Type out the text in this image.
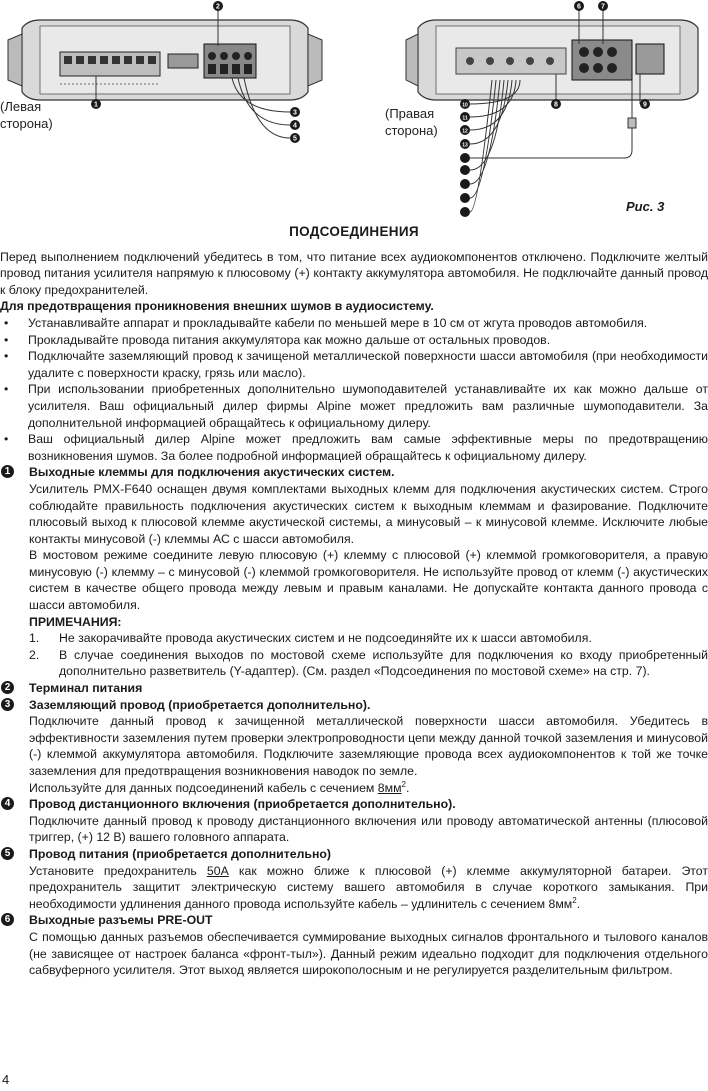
2
1
3
4
5
6	7
8	9
10
11
12
13
(Левая
сторона)
(Правая
сторона)
Рис. 3
ПОДСОЕДИНЕНИЯ

Перед выполнением подключений убедитесь в том, что питание всех аудиокомпонентов отключено. Подключите желтый провод питания усилителя напрямую к плюсовому (+) контакту аккумулятора автомобиля. Не подключайте данный провод к блоку предохранителей.

Для предотвращения проникновения внешних шумов в аудиосистему.

• Устанавливайте аппарат и прокладывайте кабели по меньшей мере в 10 см от жгута проводов автомобиля.
• Прокладывайте провода питания аккумулятора как можно дальше от остальных проводов.
• Подключайте заземляющий провод к зачищеной металлической поверхности шасси автомобиля (при необходимости удалите с поверхности краску, грязь или масло).
• При использовании приобретенных дополнительно шумоподавителей устанавливайте их как можно дальше от усилителя. Ваш официальный дилер фирмы Alpine может предложить вам различные шумоподавители. За дополнительной информацией обращайтесь к официальному дилеру.
• Ваш официальный дилер Alpine может предложить вам самые эффективные меры по предотвращению возникновения шумов. За более подробной информацией обращайтесь к официальному дилеру.
1	Выходные клеммы для подключения акустических систем.

Усилитель PMX-F640 оснащен двумя комплектами выходных клемм для подключения акустических систем. Строго соблюдайте правильность подключения акустических систем к выходным клеммам и фазирование. Подключите плюсовый выход к плюсовой клемме акустической системы, а минусовый – к минусовой клемме. Исключите любые контакты минусовой (-) клеммы АС с шасси автомобиля.

В мостовом режиме соедините левую плюсовую (+) клемму с плюсовой (+) клеммой громкоговорителя, а правую минусовую (-) клемму – с минусовой (-) клеммой громкоговорителя. Не используйте провод от клемм (-) акустических систем в качестве общего провода между левым и правым каналами. Не допускайте контакта данного провода с шасси автомобиля.

ПРИМЕЧАНИЯ:

1. Не закорачивайте провода акустических систем и не подсоединяйте их к шасси автомобиля.
2. В случае соединения выходов по мостовой схеме используйте для подключения ко входу приобретенный дополнительно разветвитель (Y-адаптер). (См. раздел «Подсоединения по мостовой схеме» на стр. 7).
2	Терминал питания
3	Заземляющий провод (приобретается дополнительно).

Подключите данный провод к зачищенной металлической поверхности шасси автомобиля. Убедитесь в эффективности заземления путем проверки электропроводности цепи между данной точкой заземления и минусовой (-) клеммой аккумулятора автомобиля. Подключите заземляющие провода всех аудиокомпонентов к той же точке заземления для предотвращения возникновения наводок по земле.

Используйте для данных подсоединений кабель с сечением $8мм^2$.

4	Провод дистанционного включения (приобретается дополнительно).

Подключите данный провод к проводу дистанционного включения или проводу автоматической антенны (плюсовой триггер, (+) 12 В) вашего головного аппарата.

5	Провод питания (приобретается дополнительно)

Установите предохранитель 50А как можно ближе к плюсовой (+) клемме аккумуляторной батареи. Этот предохранитель защитит электрическую систему вашего автомобиля в случае короткого замыкания. При необходимости удлинения данного провода используйте кабель – удлинитель с сечением $8мм^2$.

6	Выходные разъемы PRE-OUT

С помощью данных разъемов обеспечивается суммирование выходных сигналов фронтального и тылового каналов (не зависящее от настроек баланса «фронт-тыл»). Данный режим идеально подходит для подключения отдельного сабвуферного усилителя. Этот выход является широкополосным и не регулируется разделительным фильтром.

4
